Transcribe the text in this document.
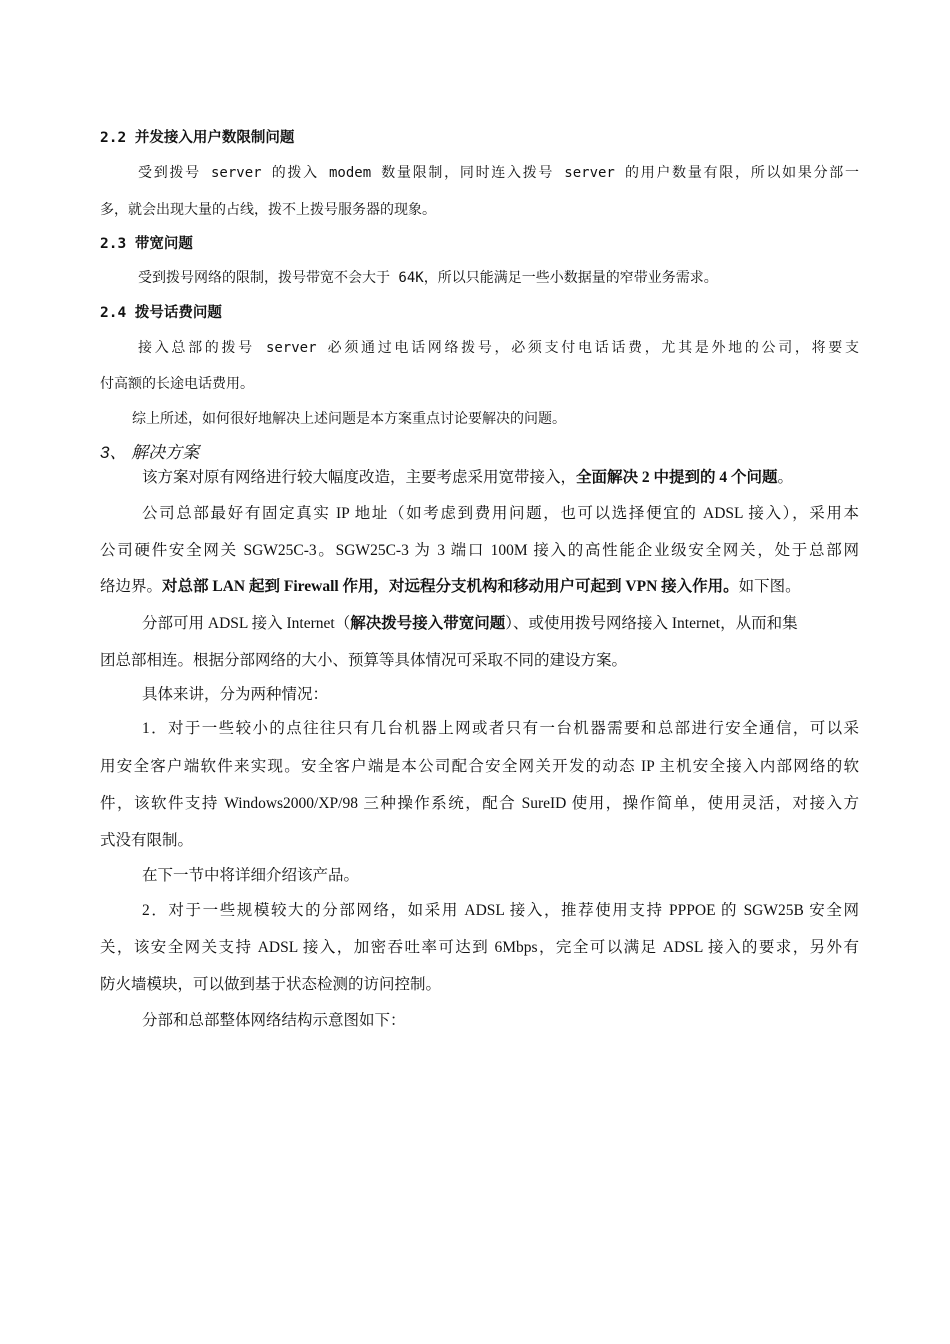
2.2 并发接入用户数限制问题
受到拨号 server 的拨入 modem 数量限制，同时连入拨号 server 的用户数量有限，所以如果分部一
多，就会出现大量的占线，拨不上拨号服务器的现象。
2.3 带宽问题
受到拨号网络的限制，拨号带宽不会大于 64K，所以只能满足一些小数据量的窄带业务需求。
2.4 拨号话费问题
接入总部的拨号 server 必须通过电话网络拨号，必须支付电话话费，尤其是外地的公司，将要支
付高额的长途电话费用。
综上所述，如何很好地解决上述问题是本方案重点讨论要解决的问题。
3、 解决方案
该方案对原有网络进行较大幅度改造，主要考虑采用宽带接入，全面解决 2 中提到的 4 个问题。
公司总部最好有固定真实 IP 地址（如考虑到费用问题，也可以选择便宜的 ADSL 接入），采用本
公司硬件安全网关 SGW25C-3。SGW25C-3 为 3 端口 100M 接入的高性能企业级安全网关，处于总部网
络边界。对总部 LAN 起到 Firewall 作用，对远程分支机构和移动用户可起到 VPN 接入作用。如下图。
分部可用 ADSL 接入 Internet（解决拨号接入带宽问题）、或使用拨号网络接入 Internet，从而和集
团总部相连。根据分部网络的大小、预算等具体情况可采取不同的建设方案。
具体来讲，分为两种情况：
1．对于一些较小的点往往只有几台机器上网或者只有一台机器需要和总部进行安全通信，可以采
用安全客户端软件来实现。安全客户端是本公司配合安全网关开发的动态 IP 主机安全接入内部网络的软
件，该软件支持 Windows2000/XP/98 三种操作系统，配合 SureID 使用，操作简单，使用灵活，对接入方
式没有限制。
在下一节中将详细介绍该产品。
2．对于一些规模较大的分部网络，如采用 ADSL 接入，推荐使用支持 PPPOE 的 SGW25B 安全网
关，该安全网关支持 ADSL 接入，加密吞吐率可达到 6Mbps，完全可以满足 ADSL 接入的要求，另外有
防火墙模块，可以做到基于状态检测的访问控制。
分部和总部整体网络结构示意图如下：
